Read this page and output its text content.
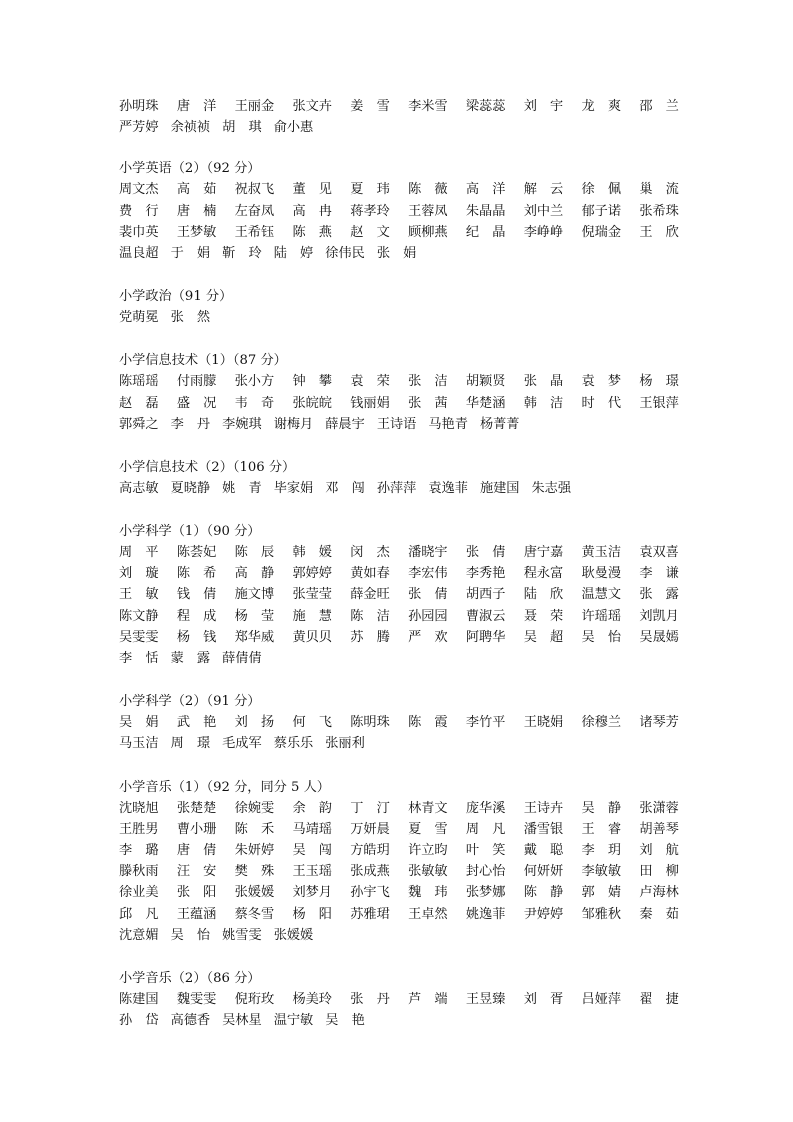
孙明珠 唐　洋 王丽金 张文卉 姜　雪 李米雪 梁蕊蕊 刘　宇 龙　爽 邵　兰
严芳婷 余祯祯 胡　琪 俞小惠
小学英语（2）（92 分）
周文杰 高　茹 祝叔飞 董　见 夏　玮 陈　薇 高　洋 解　云 徐　佩 巢　流
费　行 唐　楠 左奋凤 高　冉 蒋孝玲 王蓉凤 朱晶晶 刘中兰 郁子诺 张希珠
裴巾英 王梦敏 王希钰 陈　燕 赵　文 顾柳燕 纪　晶 李峥峥 倪瑞金 王　欣
温良超 于　娟 靳　玲 陆　婷 徐伟民 张　娟
小学政治（91 分）
党萌冕 张　然
小学信息技术（1）（87 分）
陈瑶瑶 付雨朦 张小方 钟　攀 袁　荣 张　洁 胡颖贤 张　晶 袁　梦 杨　璟
赵　磊 盛　况 韦　奇 张皖皖 钱丽娟 张　茜 华楚涵 韩　洁 时　代 王银萍
郭舜之 李　丹 李婉琪 谢梅月 薛晨宇 王诗语 马艳青 杨菁菁
小学信息技术（2）（106 分）
高志敏 夏晓静 姚　青 毕家娟 邓　闯 孙萍萍 袁逸菲 施建国 朱志强
小学科学（1）（90 分）
周　平 陈荟妃 陈　辰 韩　媛 闵　杰 潘晓宇 张　倩 唐宁嘉 黄玉洁 袁双喜
刘　璇 陈　希 高　静 郭婷婷 黄如春 李宏伟 李秀艳 程永富 耿曼漫 李　谦
王　敏 钱　倩 施文博 张莹莹 薛金旺 张　倩 胡西子 陆　欣 温慧文 张　露
陈文静 程　成 杨　莹 施　慧 陈　洁 孙园园 曹淑云 聂　荣 许瑶瑶 刘凯月
吴雯雯 杨　钱 郑华威 黄贝贝 苏　腾 严　欢 阿聘华 吴　超 吴　怡 吴晟嫣
李　恬 蒙　露 薛倩倩
小学科学（2）（91 分）
吴　娟 武　艳 刘　扬 何　飞 陈明珠 陈　霞 李竹平 王晓娟 徐穆兰 诸琴芳
马玉洁 周　璟 毛成军 蔡乐乐 张丽利
小学音乐（1）（92 分，同分 5 人）
沈晓旭 张楚楚 徐婉雯 余　韵 丁　汀 林青文 庞华溪 王诗卉 吴　静 张潇蓉
王胜男 曹小珊 陈　禾 马靖瑶 万妍晨 夏　雪 周　凡 潘雪银 王　睿 胡善琴
李　璐 唐　倩 朱妍婷 吴　闯 方皓玥 许立昀 叶　笑 戴　聪 李　玥 刘　航
滕秋雨 汪　安 樊　殊 王玉瑶 张成燕 张敏敏 封心怡 何妍妍 李敏敏 田　柳
徐业美 张　阳 张媛媛 刘梦月 孙宇飞 魏　玮 张梦娜 陈　静 郭　婧 卢海林
邱　凡 王蕴涵 蔡冬雪 杨　阳 苏雅珺 王卓然 姚逸菲 尹婷婷 邹雅秋 秦　茹
沈意媚 吴　怡 姚雪雯 张媛媛
小学音乐（2）（86 分）
陈建国 魏雯雯 倪珩玫 杨美玲 张　丹 芦　端 王昱臻 刘　胥 吕娅萍 翟　捷
孙　岱 高德香 吴林星 温宁敏 吴　艳
